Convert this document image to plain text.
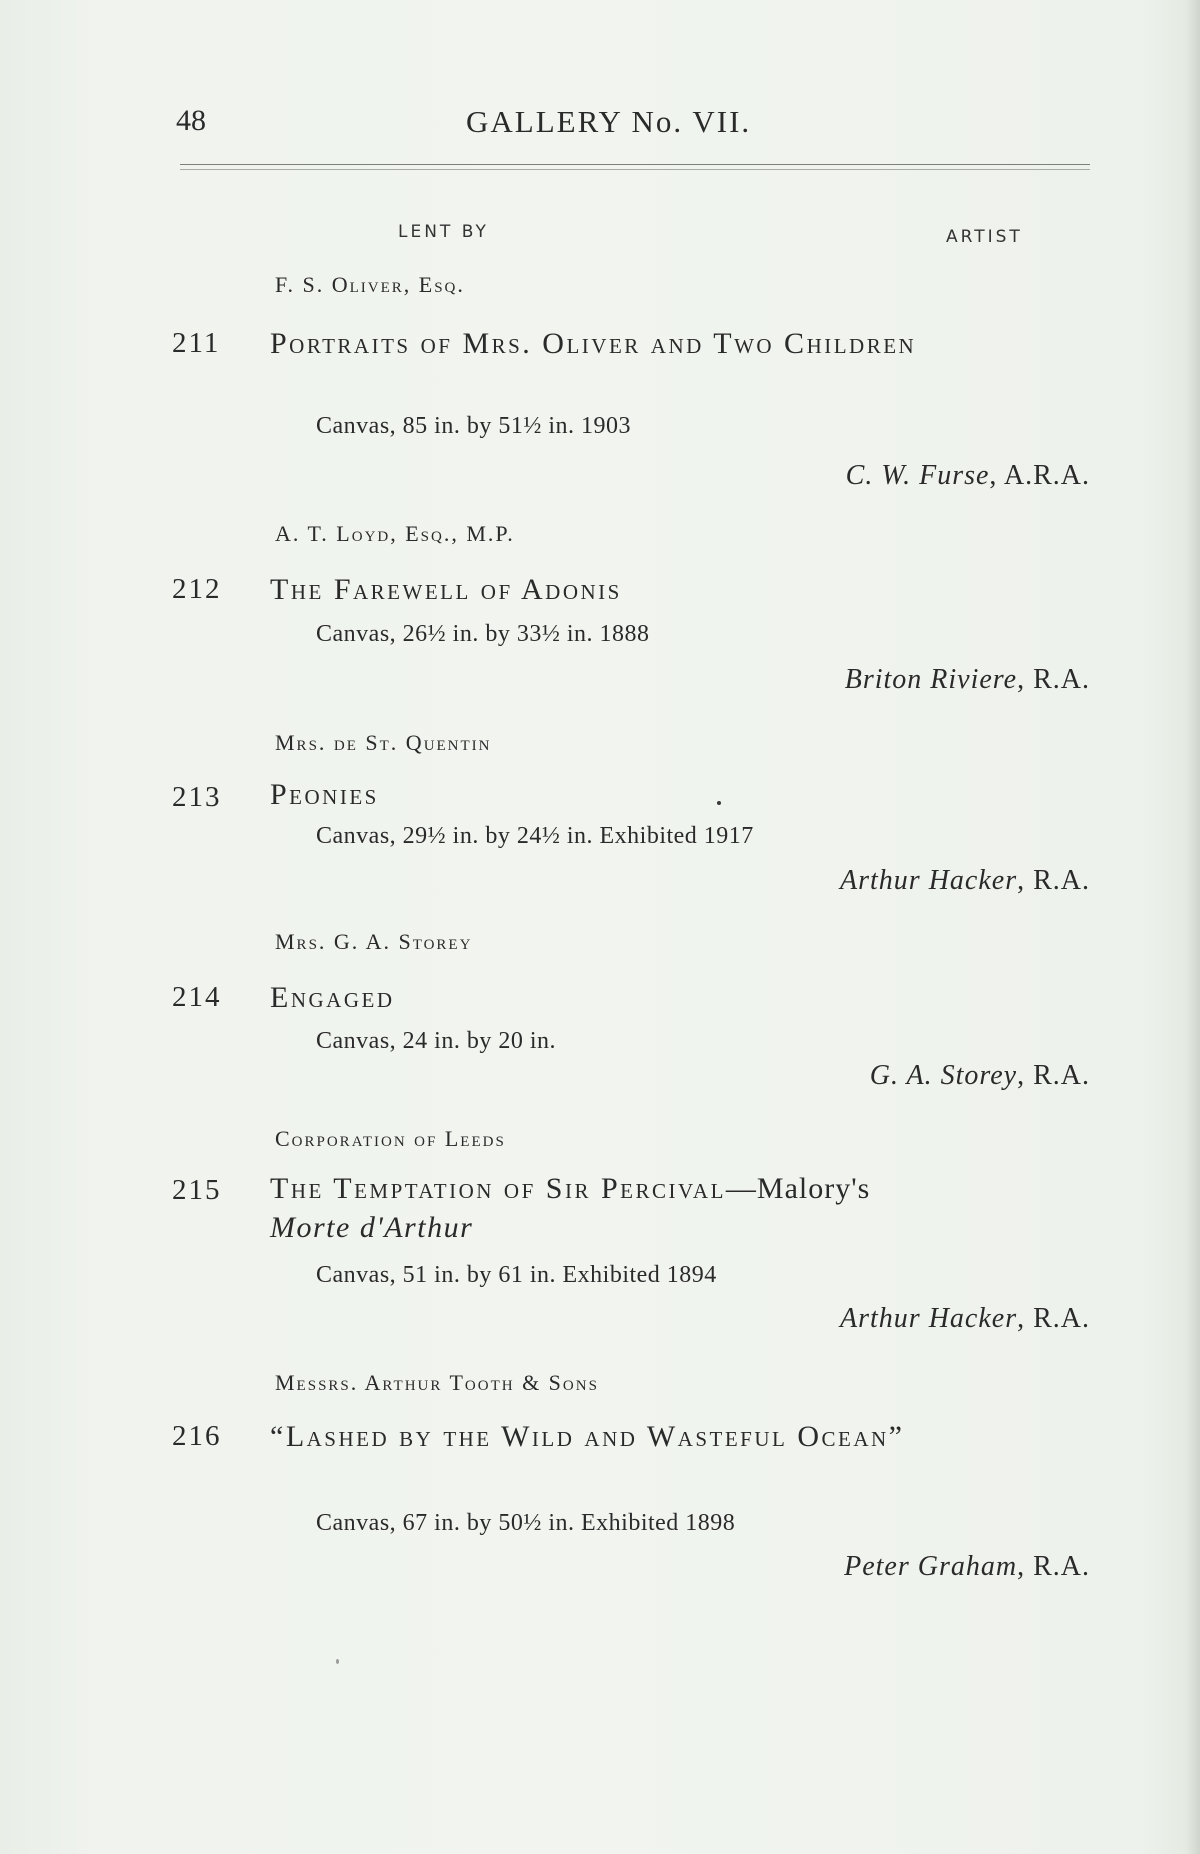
48	GALLERY No. VII.
LENT BY	ARTIST
F. S. Oliver, Esq.
211 Portraits of Mrs. Oliver and Two Children
Canvas, 85 in. by 51½ in. 1903
C. W. Furse, A.R.A.
A. T. Loyd, Esq., M.P.
212 The Farewell of Adonis
Canvas, 26½ in. by 33½ in. 1888
Briton Riviere, R.A.
Mrs. de St. Quentin
213 Peonies
Canvas, 29½ in. by 24½ in. Exhibited 1917
Arthur Hacker, R.A.
Mrs. G. A. Storey
214 Engaged
Canvas, 24 in. by 20 in.
G. A. Storey, R.A.
Corporation of Leeds
215 The Temptation of Sir Percival—Malory's
Morte d'Arthur
Canvas, 51 in. by 61 in. Exhibited 1894
Arthur Hacker, R.A.
Messrs. Arthur Tooth & Sons
216 “Lashed by the Wild and Wasteful Ocean”
Canvas, 67 in. by 50½ in. Exhibited 1898
Peter Graham, R.A.
